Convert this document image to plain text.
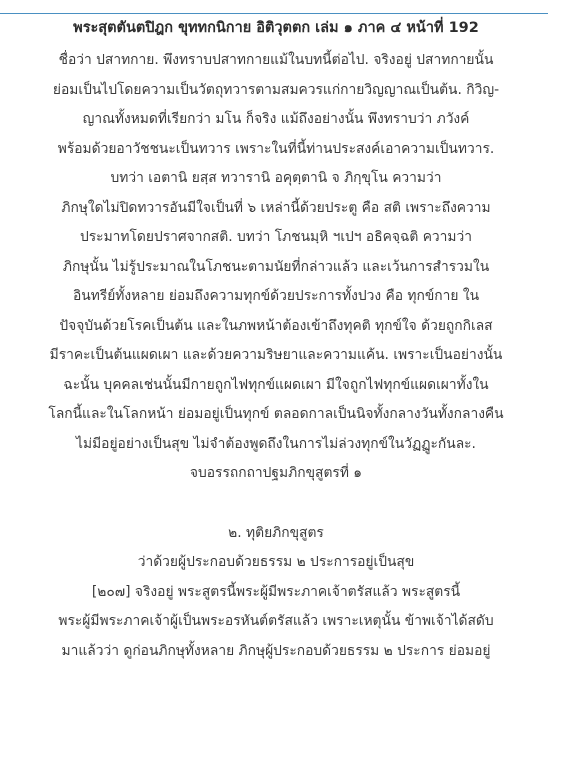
พระสุตตันตปิฎก ขุททกนิกาย อิติวุตตก เล่ม ๑ ภาค ๔ หน้าที่ 192
ชื่อว่า ปสาทกาย. พึงทราบปสาทกายแม้ในบทนี้ต่อไป. จริงอยู่ ปสาทกายนั้น
ย่อมเป็นไปโดยความเป็นวัตถุทวารตามสมควรแก่กายวิญญาณเป็นต้น. กิวิญ-
ญาณทั้งหมดที่เรียกว่า มโน ก็จริง แม้ถึงอย่างนั้น พึงทราบว่า ภวังค์
พร้อมด้วยอาวัชชนะเป็นทวาร เพราะในที่นี้ท่านประสงค์เอาความเป็นทวาร.
บทว่า เอตานิ ยสฺส ทวารานิ อคุตฺตานิ จ ภิกฺขุโน ความว่า
ภิกษุใดไม่ปิดทวารอันมีใจเป็นที่ ๖ เหล่านี้ด้วยประตู คือ สติ เพราะถึงความ
ประมาทโดยปราศจากสติ. บทว่า โภชนมฺหิ ฯเปฯ อธิคจฺฉติ ความว่า
ภิกษุนั้น ไม่รู้ประมาณในโภชนะตามนัยที่กล่าวแล้ว และเว้นการสำรวมใน
อินทรีย์ทั้งหลาย ย่อมถึงความทุกข์ด้วยประการทั้งปวง คือ ทุกข์กาย ใน
ปัจจุบันด้วยโรคเป็นต้น และในภพหน้าต้องเข้าถึงทุคติ ทุกข์ใจ ด้วยถูกกิเลส
มีราคะเป็นต้นแผดเผา และด้วยความริษยาและความแค้น. เพราะเป็นอย่างนั้น
ฉะนั้น บุคคลเช่นนั้นมีกายถูกไฟทุกข์แผดเผา มีใจถูกไฟทุกข์แผดเผาทั้งใน
โลกนี้และในโลกหน้า ย่อมอยู่เป็นทุกข์ ตลอดกาลเป็นนิจทั้งกลางวันทั้งกลางคืน
ไม่มีอยู่อย่างเป็นสุข ไม่จำต้องพูดถึงในการไม่ล่วงทุกข์ในวัฏฏูะกันละ.
จบอรรถกถาปฐมภิกขุสูตรที่ ๑
๒. ทุติยภิกขุสูตร
ว่าด้วยผู้ประกอบด้วยธรรม ๒ ประการอยู่เป็นสุข
[๒๐๗] จริงอยู่ พระสูตรนี้พระผู้มีพระภาคเจ้าตรัสแล้ว พระสูตรนี้
พระผู้มีพระภาคเจ้าผู้เป็นพระอรหันต์ตรัสแล้ว เพราะเหตุนั้น ข้าพเจ้าได้สดับ
มาแล้วว่า ดูก่อนภิกษุทั้งหลาย ภิกษุผู้ประกอบด้วยธรรม ๒ ประการ ย่อมอยู่
